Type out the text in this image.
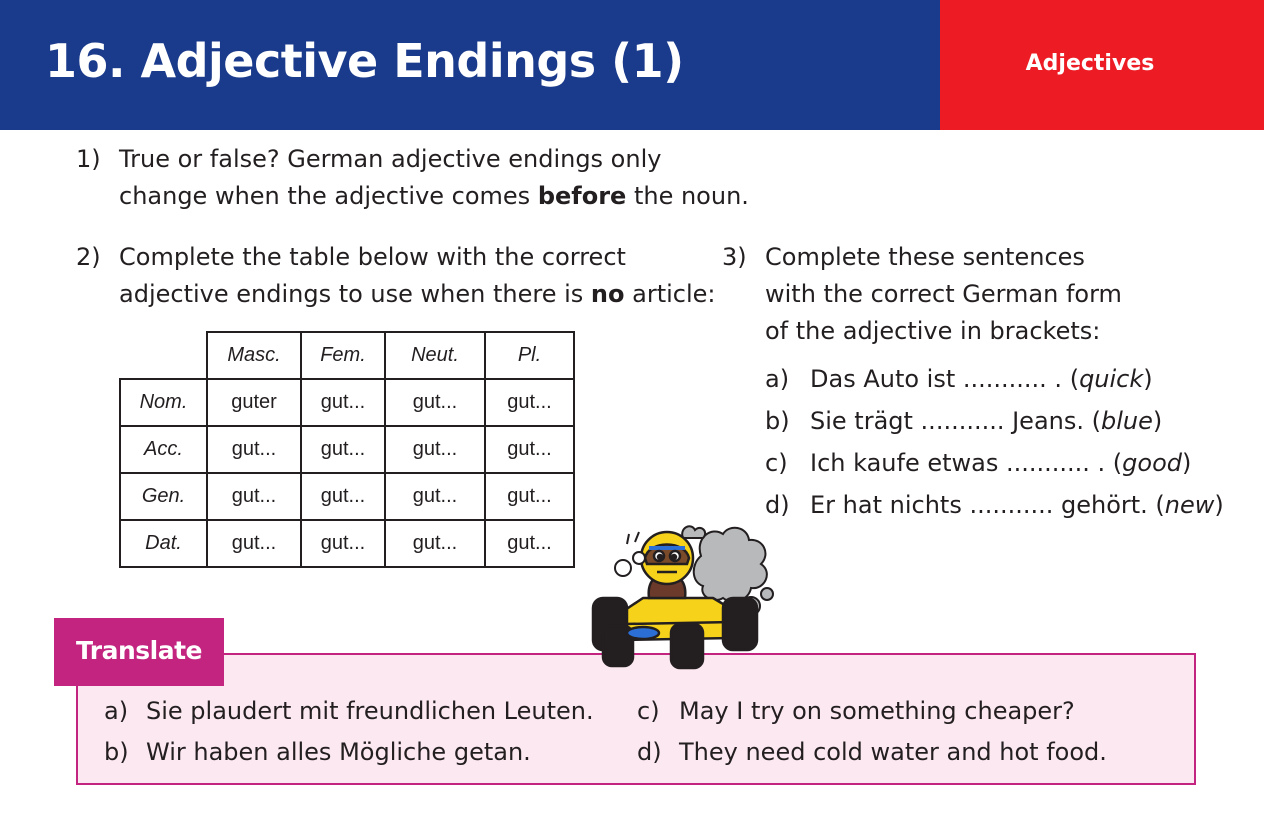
16. Adjective Endings (1)	Adjectives
1) True or false? German adjective endings only
change when the adjective comes before the noun.
2) Complete the table below with the correct
adjective endings to use when there is no article:
3) Complete these sentences
with the correct German form
of the adjective in brackets:
	Masc.	Fem.	Neut.	Pl.
Nom.	guter	gut...	gut...	gut...
Acc.	gut...	gut...	gut...	gut...
Gen.	gut...	gut...	gut...	gut...
Dat.	gut...	gut...	gut...	gut...
a) Das Auto ist ........... . (quick)
b) Sie trägt ........... Jeans. (blue)
c) Ich kaufe etwas ........... . (good)
d) Er hat nichts ........... gehört. (new)
Translate
a) Sie plaudert mit freundlichen Leuten.
b) Wir haben alles Mögliche getan.
c) May I try on something cheaper?
d) They need cold water and hot food.
